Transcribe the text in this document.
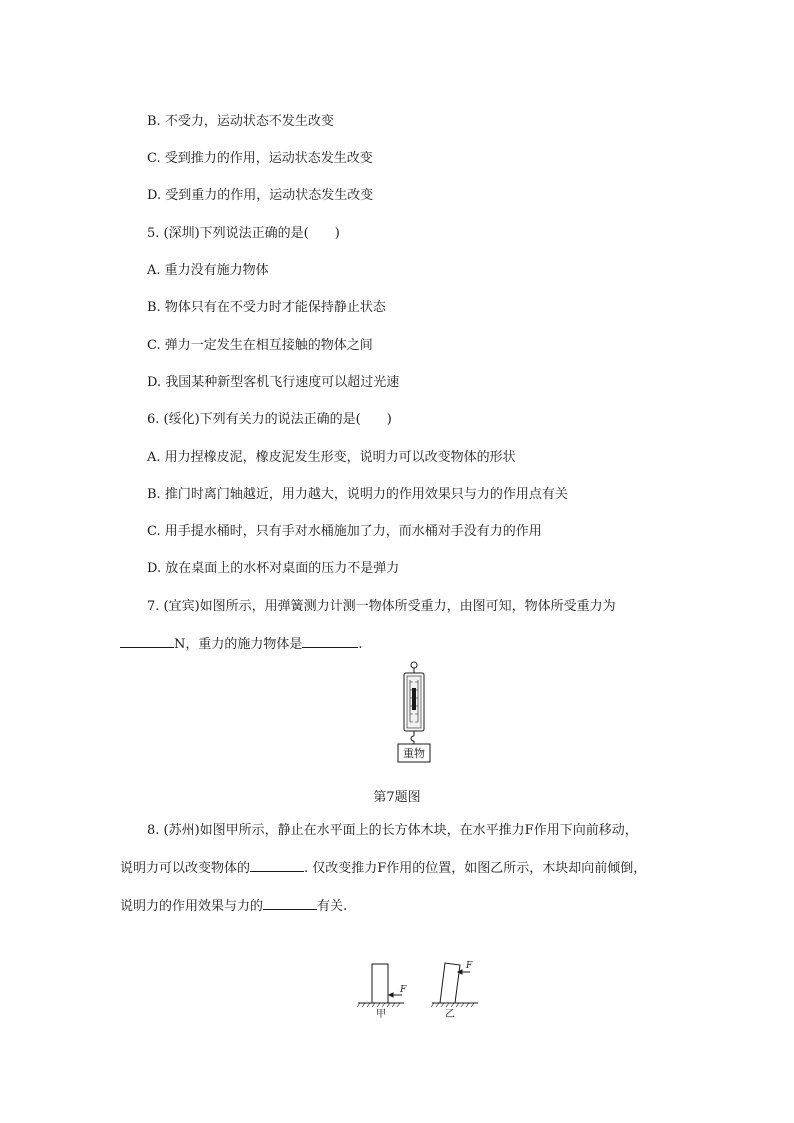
B. 不受力，运动状态不发生改变
C. 受到推力的作用，运动状态发生改变
D. 受到重力的作用，运动状态发生改变
5. (深圳)下列说法正确的是(　　)
A. 重力没有施力物体
B. 物体只有在不受力时才能保持静止状态
C. 弹力一定发生在相互接触的物体之间
D. 我国某种新型客机飞行速度可以超过光速
6. (绥化)下列有关力的说法正确的是(　　)
A. 用力捏橡皮泥，橡皮泥发生形变，说明力可以改变物体的形状
B. 推门时离门轴越近，用力越大，说明力的作用效果只与力的作用点有关
C. 用手提水桶时，只有手对水桶施加了力，而水桶对手没有力的作用
D. 放在桌面上的水杯对桌面的压力不是弹力
7. (宜宾)如图所示，用弹簧测力计测一物体所受重力，由图可知，物体所受重力为
N，重力的施力物体是	.
重物
第7题图
8. (苏州)如图甲所示，静止在水平面上的长方体木块，在水平推力F作用下向前移动，
说明力可以改变物体的	. 仅改变推力F作用的位置，如图乙所示，木块却向前倾倒，
说明力的作用效果与力的	有关.
F
甲
F
乙
